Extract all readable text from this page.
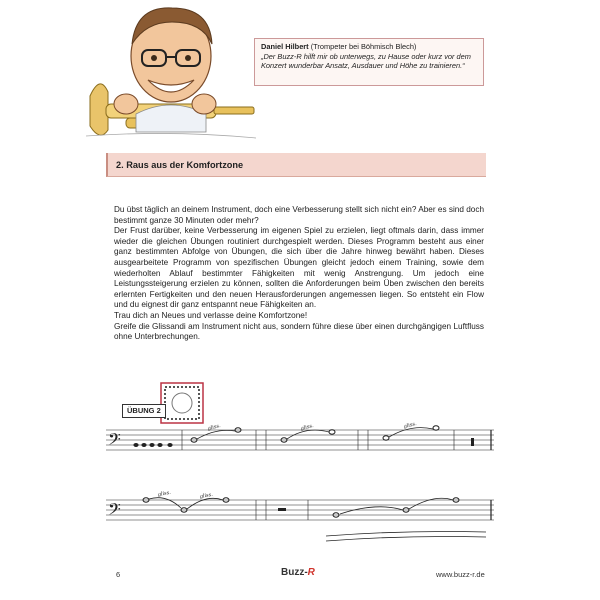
Daniel Hilbert (Trompeter bei Böhmisch Blech)
„Der Buzz-R hilft mir ob unterwegs, zu Hause oder kurz vor dem Konzert wunderbar Ansatz, Ausdauer und Höhe zu trainieren.“
2. Raus aus der Komfortzone

Du übst täglich an deinem Instrument, doch eine Verbesserung stellt sich nicht ein? Aber es sind doch bestimmt ganze 30 Minuten oder mehr?

Der Frust darüber, keine Verbesserung im eigenen Spiel zu erzielen, liegt oftmals darin, dass immer wieder die gleichen Übungen routiniert durchgespielt werden. Dieses Programm besteht aus einer ganz bestimmten Abfolge von Übungen, die sich über die Jahre hinweg bewährt haben. Dieses ausgearbeitete Programm von spezifischen Übungen gleicht jedoch einem Training, sowie dem wiederholten Ablauf bestimmter Fähigkeiten mit wenig Anstrengung. Um jedoch eine Leistungssteigerung erzielen zu können, sollten die Anforderungen beim Üben zwischen den bereits erlernten Fertigkeiten und den neuen Herausforderungen angemessen liegen. So entsteht ein Flow und du eignest dir ganz entspannt neue Fähigkeiten an.

Trau dich an Neues und verlasse deine Komfortzone!

Greife die Glissandi am Instrument nicht aus, sondern führe diese über einen durchgängigen Luftfluss ohne Unterbrechungen.

ÜBUNG 2
𝄢
gliss.	gliss.	gliss.
𝄢
gliss.	gliss.
6	Buzz-R	www.buzz-r.de
